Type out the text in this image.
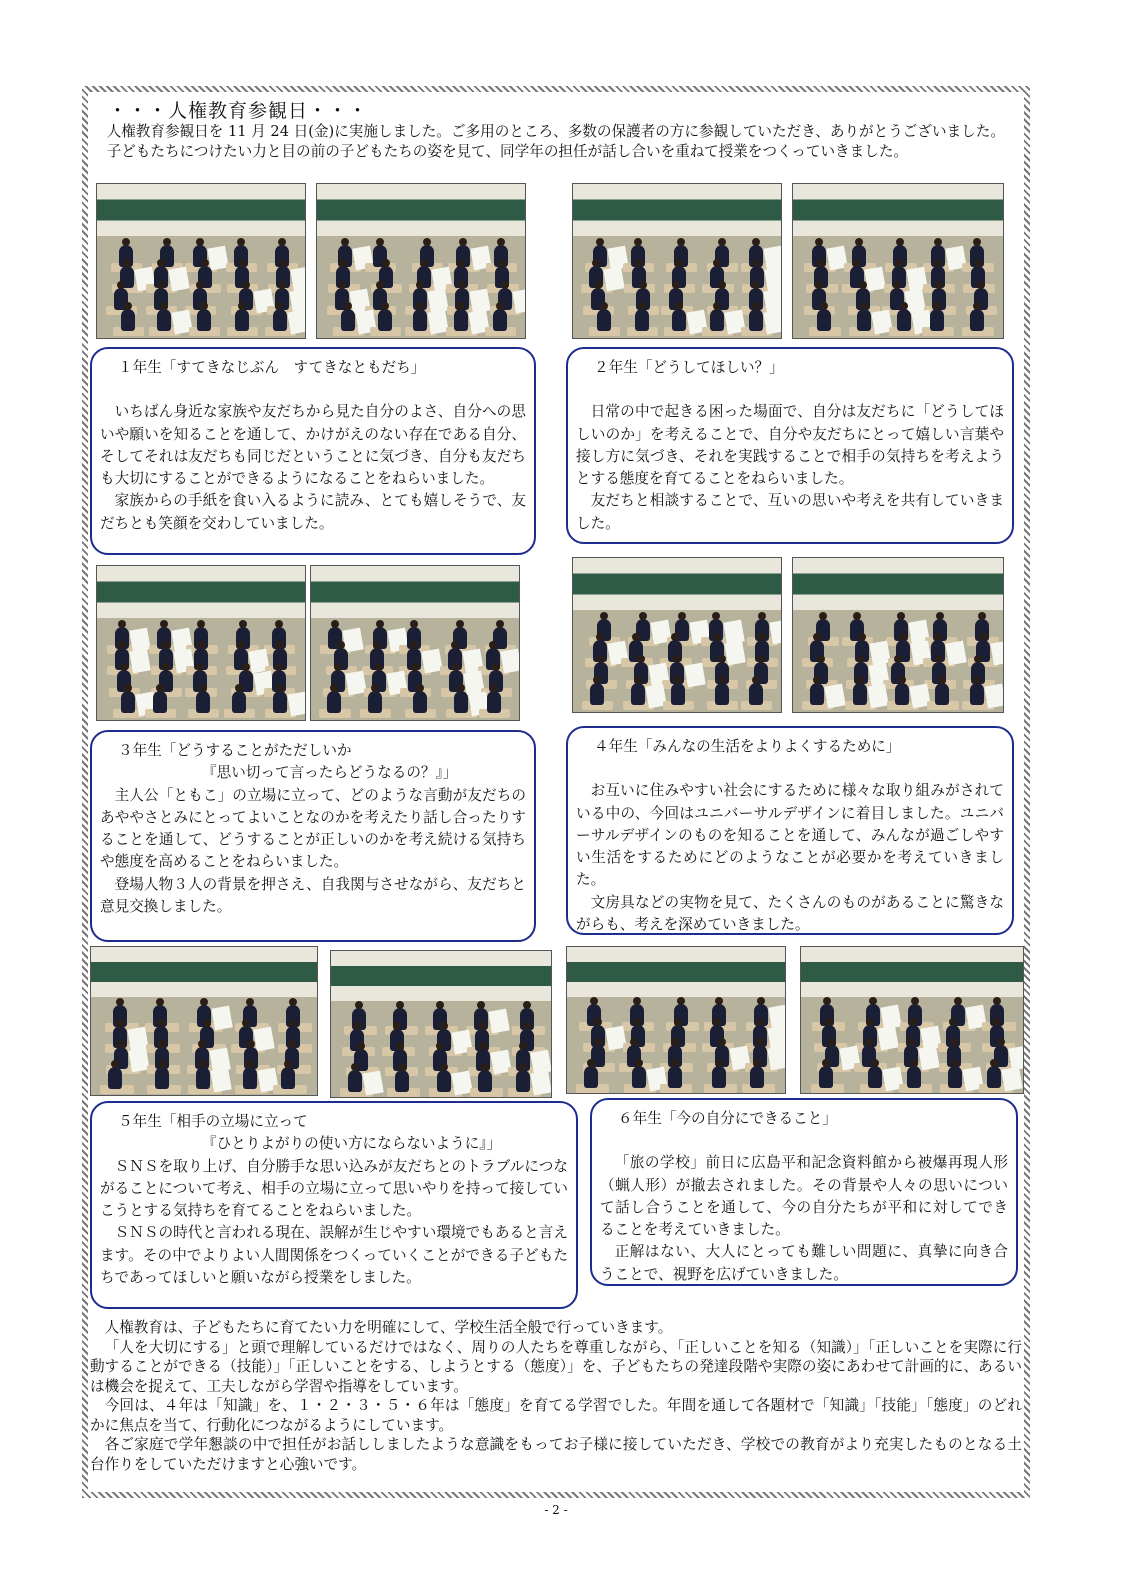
・・・人権教育参観日・・・

人権教育参観日を 11 月 24 日(金)に実施しました。ご多用のところ、多数の保護者の方に参観していただき、ありがとうございました。

子どもたちにつけたい力と目の前の子どもたちの姿を見て、同学年の担任が話し合いを重ねて授業をつくっていきました。

１年生「すてきなじぶん　すてきなともだち」

いちばん身近な家族や友だちから見た自分のよさ、自分への思いや願いを知ることを通して、かけがえのない存在である自分、そしてそれは友だちも同じだということに気づき、自分も友だちも大切にすることができるようになることをねらいました。

家族からの手紙を食い入るように読み、とても嬉しそうで、友だちとも笑顔を交わしていました。

２年生「どうしてほしい？」

日常の中で起きる困った場面で、自分は友だちに「どうしてほしいのか」を考えることで、自分や友だちにとって嬉しい言葉や接し方に気づき、それを実践することで相手の気持ちを考えようとする態度を育てることをねらいました。

友だちと相談することで、互いの思いや考えを共有していきました。

３年生「どうすることがただしいか
『思い切って言ったらどうなるの？』」

主人公「ともこ」の立場に立って、どのような言動が友だちのあややさとみにとってよいことなのかを考えたり話し合ったりすることを通して、どうすることが正しいのかを考え続ける気持ちや態度を高めることをねらいました。

登場人物３人の背景を押さえ、自我関与させながら、友だちと意見交換しました。

４年生「みんなの生活をよりよくするために」

お互いに住みやすい社会にするために様々な取り組みがされている中の、今回はユニバーサルデザインに着目しました。ユニバーサルデザインのものを知ることを通して、みんなが過ごしやすい生活をするためにどのようなことが必要かを考えていきました。

文房具などの実物を見て、たくさんのものがあることに驚きながらも、考えを深めていきました。

５年生「相手の立場に立って
『ひとりよがりの使い方にならないように』」

ＳＮＳを取り上げ、自分勝手な思い込みが友だちとのトラブルにつながることについて考え、相手の立場に立って思いやりを持って接していこうとする気持ちを育てることをねらいました。

ＳＮＳの時代と言われる現在、誤解が生じやすい環境でもあると言えます。その中でよりよい人間関係をつくっていくことができる子どもたちであってほしいと願いながら授業をしました。

６年生「今の自分にできること」

「旅の学校」前日に広島平和記念資料館から被爆再現人形（蝋人形）が撤去されました。その背景や人々の思いについて話し合うことを通して、今の自分たちが平和に対してできることを考えていきました。

正解はない、大人にとっても難しい問題に、真摯に向き合うことで、視野を広げていきました。

人権教育は、子どもたちに育てたい力を明確にして、学校生活全般で行っていきます。

「人を大切にする」と頭で理解しているだけではなく、周りの人たちを尊重しながら、「正しいことを知る（知識）」「正しいことを実際に行動することができる（技能）」「正しいことをする、しようとする（態度）」を、子どもたちの発達段階や実際の姿にあわせて計画的に、あるいは機会を捉えて、工夫しながら学習や指導をしています。

今回は、４年は「知識」を、１・２・３・５・６年は「態度」を育てる学習でした。年間を通して各題材で「知識」「技能」「態度」のどれかに焦点を当て、行動化につながるようにしています。

各ご家庭で学年懇談の中で担任がお話ししましたような意識をもってお子様に接していただき、学校での教育がより充実したものとなる土台作りをしていただけますと心強いです。

- 2 -
